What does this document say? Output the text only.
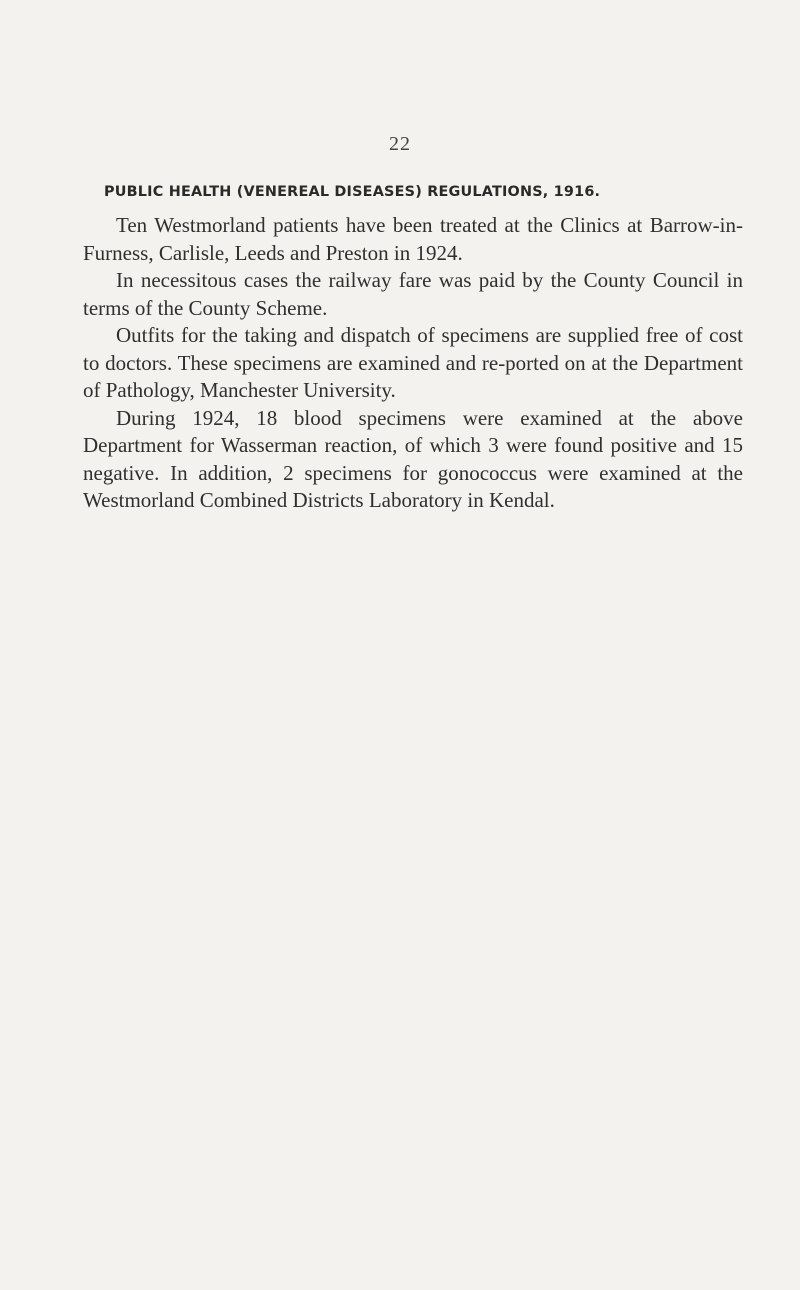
22
PUBLIC HEALTH (VENEREAL DISEASES) REGULATIONS, 1916.

Ten Westmorland patients have been treated at the Clinics at Barrow-in-Furness, Carlisle, Leeds and Preston in 1924.

In necessitous cases the railway fare was paid by the County Council in terms of the County Scheme.

Outfits for the taking and dispatch of specimens are supplied free of cost to doctors. These specimens are examined and re-ported on at the Department of Pathology, Manchester University.

During 1924, 18 blood specimens were examined at the above Department for Wasserman reaction, of which 3 were found positive and 15 negative. In addition, 2 specimens for gonococcus were examined at the Westmorland Combined Districts Laboratory in Kendal.
